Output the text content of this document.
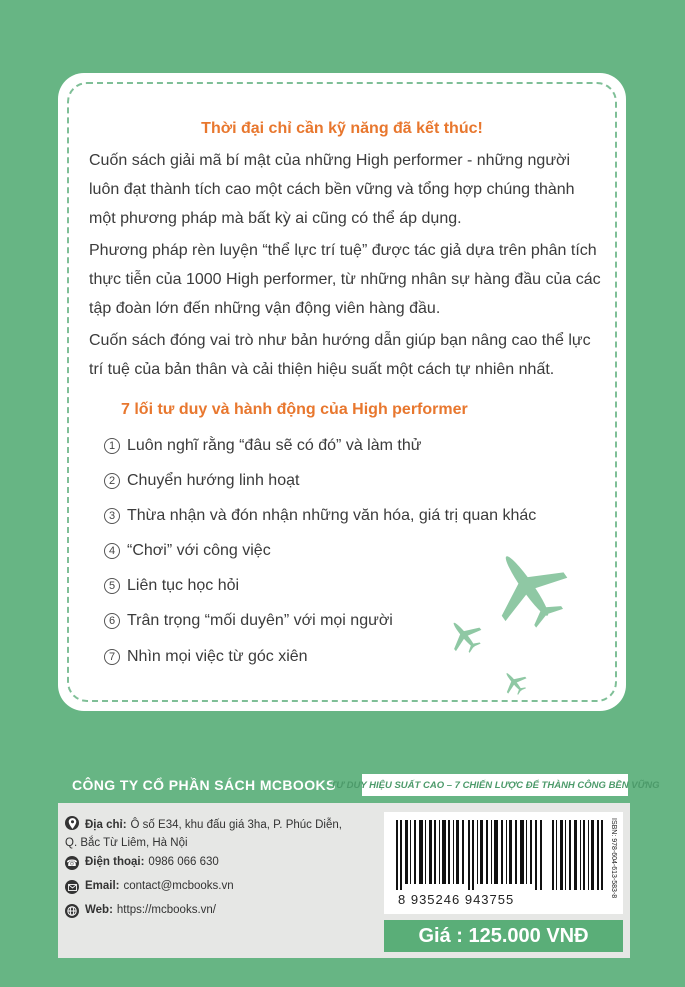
Thời đại chỉ cần kỹ năng đã kết thúc!
Cuốn sách giải mã bí mật của những High performer - những người luôn đạt thành tích cao một cách bền vững và tổng hợp chúng thành một phương pháp mà bất kỳ ai cũng có thể áp dụng.
Phương pháp rèn luyện “thể lực trí tuệ” được tác giả dựa trên phân tích thực tiễn của 1000 High performer, từ những nhân sự hàng đầu của các tập đoàn lớn đến những vận động viên hàng đầu.
Cuốn sách đóng vai trò như bản hướng dẫn giúp bạn nâng cao thể lực trí tuệ của bản thân và cải thiện hiệu suất một cách tự nhiên nhất.
7 lối tư duy và hành động của High performer
1 Luôn nghĩ rằng “đâu sẽ có đó” và làm thử
2 Chuyển hướng linh hoạt
3 Thừa nhận và đón nhận những văn hóa, giá trị quan khác
4 “Chơi” với công việc
5 Liên tục học hỏi
6 Trân trọng “mối duyên” với mọi người
7 Nhìn mọi việc từ góc xiên
CÔNG TY CỔ PHẦN SÁCH MCBOOKS
TƯ DUY HIỆU SUẤT CAO – 7 CHIẾN LƯỢC ĐỂ THÀNH CÔNG BỀN VỮNG
Địa chỉ: Ô số E34, khu đấu giá 3ha, P. Phúc Diễn,
Q. Bắc Từ Liêm, Hà Nội
☎ Điện thoại: 0986 066 630
Email: contact@mcbooks.vn
Web: https://mcbooks.vn/
8 935246 943755
ISBN: 978-604-613-583-8
Giá : 125.000 VNĐ
